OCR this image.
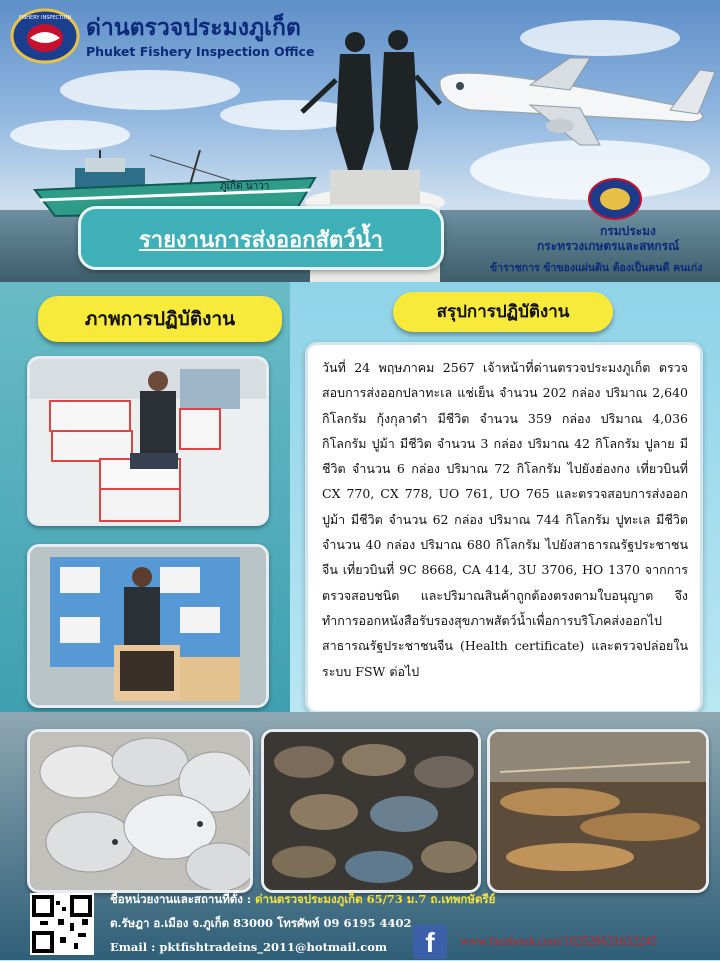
ภูเก็ต นาวา
FISHERY INSPECTION ด่านตรวจประมงภูเก็ต
Phuket Fishery Inspection Office
รายงานการส่งออกสัตว์น้ำ	กรมประมง
กระทรวงเกษตรและสหกรณ์
ข้าราชการ ข้าของแผ่นดิน ต้องเป็นคนดี คนเก่ง
ภาพการปฏิบัติงาน	สรุปการปฏิบัติงาน

วันที่ 24 พฤษภาคม 2567 เจ้าหน้าที่ด่านตรวจประมงภูเก็ต ตรวจสอบการส่งออกปลาทะเล แช่เย็น จำนวน 202 กล่อง ปริมาณ 2,640 กิโลกรัม กุ้งกุลาดำ มีชีวิต จำนวน 359 กล่อง ปริมาณ 4,036 กิโลกรัม ปูม้า มีชีวิต จำนวน 3 กล่อง ปริมาณ 42 กิโลกรัม ปูลาย มีชีวิต จำนวน 6 กล่อง ปริมาณ 72 กิโลกรัม ไปยังฮ่องกง เที่ยวบินที่ CX 770, CX 778, UO 761, UO 765 และตรวจสอบการส่งออกปูม้า มีชีวิต จำนวน 62 กล่อง ปริมาณ 744 กิโลกรัม ปูทะเล มีชีวิต จำนวน 40 กล่อง ปริมาณ 680 กิโลกรัม ไปยังสาธารณรัฐประชาชนจีน เที่ยวบินที่ 9C 8668, CA 414, 3U 3706, HO 1370 จากการตรวจสอบชนิด และปริมาณสินค้าถูกต้องตรงตามใบอนุญาต จึงทำการออกหนังสือรับรองสุขภาพสัตว์น้ำเพื่อการบริโภคส่งออกไปสาธารณรัฐประชาชนจีน (Health certificate) และตรวจปล่อยในระบบ FSW ต่อไป

ชื่อหน่วยงานและสถานที่ตั้ง : ด่านตรวจประมงภูเก็ต 65/73 ม.7 ถ.เทพกษัตรีย์
ต.รัษฎา อ.เมือง จ.ภูเก็ต 83000 โทรศัพท์ 09 6195 4402
Email : pktfishtradeins_2011@hotmail.com	f	www.facebook.com/102528631632245
